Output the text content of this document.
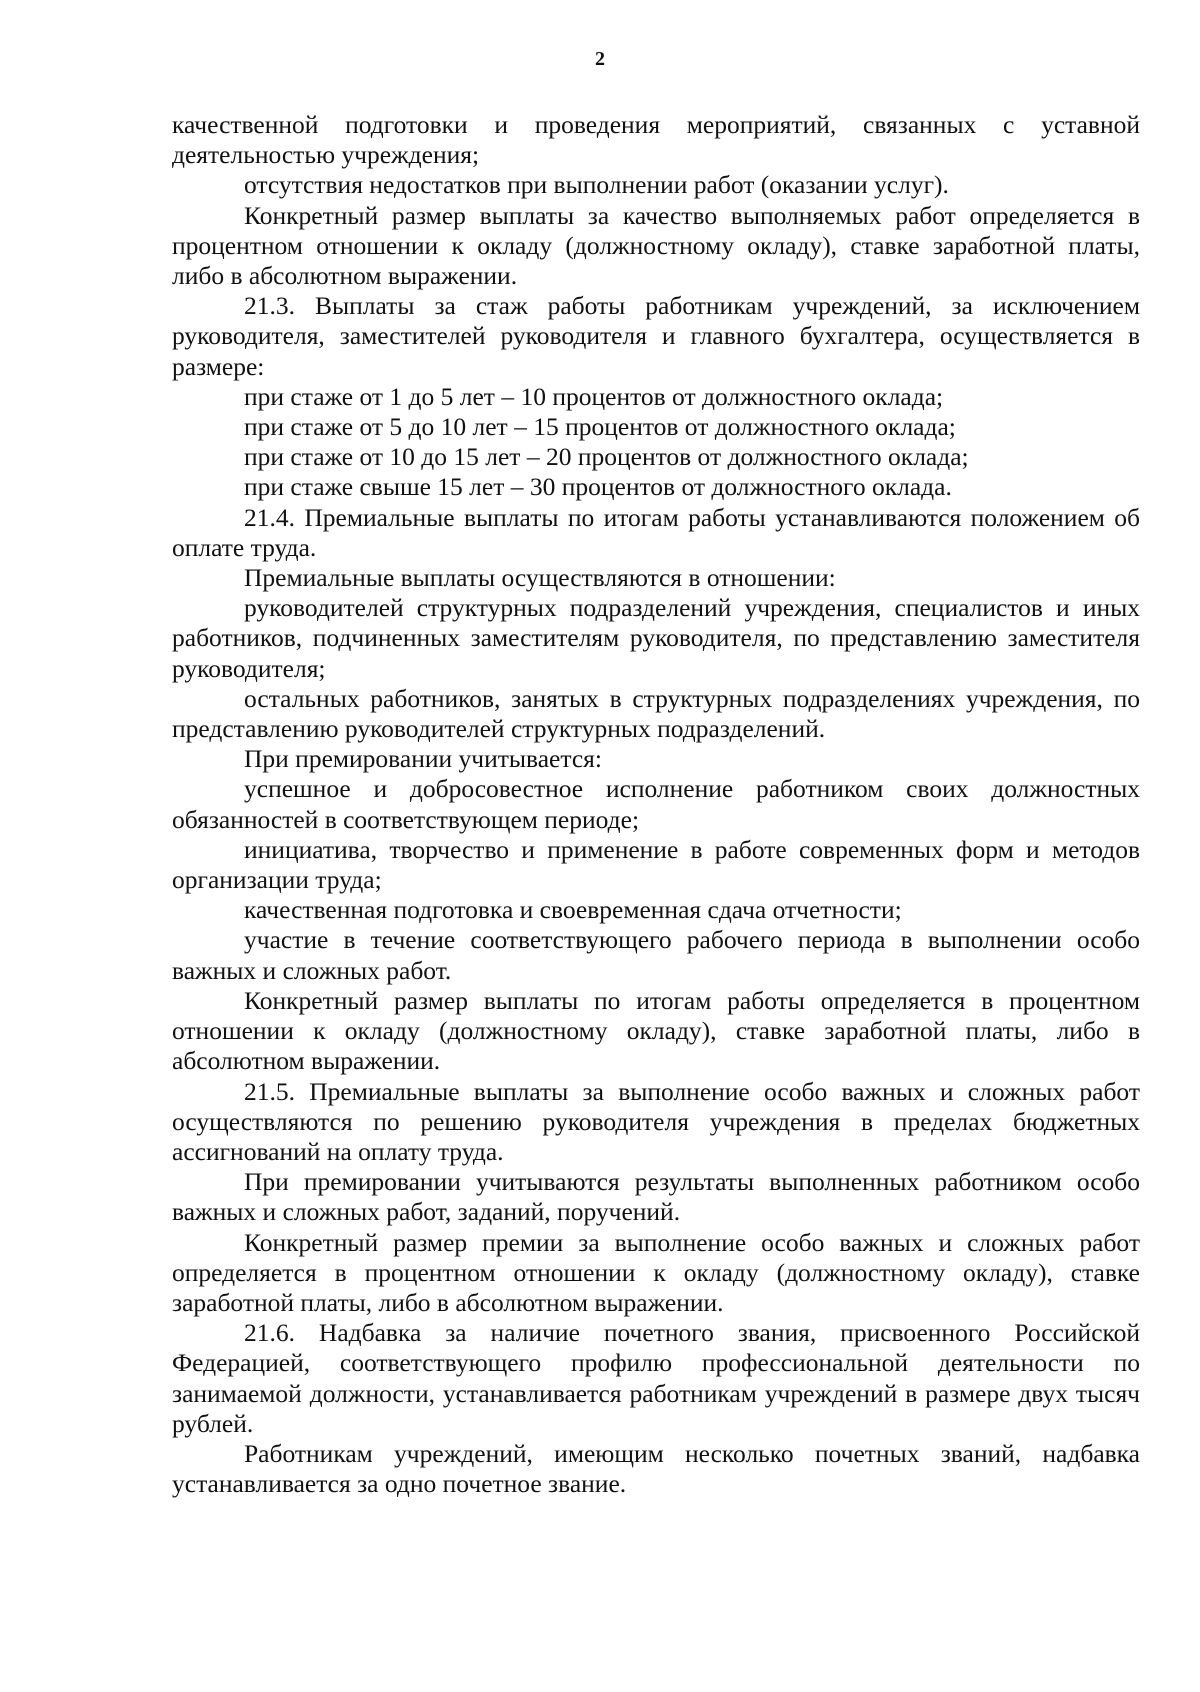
2

качественной подготовки и проведения мероприятий, связанных с уставной деятельностью учреждения;

отсутствия недостатков при выполнении работ (оказании услуг).

Конкретный размер выплаты за качество выполняемых работ определяется в процентном отношении к окладу (должностному окладу), ставке заработной платы, либо в абсолютном выражении.

21.3. Выплаты за стаж работы работникам учреждений, за исключением руководителя, заместителей руководителя и главного бухгалтера, осуществляется в размере:

при стаже от 1 до 5 лет – 10 процентов от должностного оклада;

при стаже от 5 до 10 лет – 15 процентов от должностного оклада;

при стаже от 10 до 15 лет – 20 процентов от должностного оклада;

при стаже свыше 15 лет – 30 процентов от должностного оклада.

21.4. Премиальные выплаты по итогам работы устанавливаются положением об оплате труда.

Премиальные выплаты осуществляются в отношении:

руководителей структурных подразделений учреждения, специалистов и иных работников, подчиненных заместителям руководителя, по представлению заместителя руководителя;

остальных работников, занятых в структурных подразделениях учреждения, по представлению руководителей структурных подразделений.

При премировании учитывается:

успешное и добросовестное исполнение работником своих должностных обязанностей в соответствующем периоде;

инициатива, творчество и применение в работе современных форм и методов организации труда;

качественная подготовка и своевременная сдача отчетности;

участие в течение соответствующего рабочего периода в выполнении особо важных и сложных работ.

Конкретный размер выплаты по итогам работы определяется в процентном отношении к окладу (должностному окладу), ставке заработной платы, либо в абсолютном выражении.

21.5. Премиальные выплаты за выполнение особо важных и сложных работ осуществляются по решению руководителя учреждения в пределах бюджетных ассигнований на оплату труда.

При премировании учитываются результаты выполненных работником особо важных и сложных работ, заданий, поручений.

Конкретный размер премии за выполнение особо важных и сложных работ определяется в процентном отношении к окладу (должностному окладу), ставке заработной платы, либо в абсолютном выражении.

21.6. Надбавка за наличие почетного звания, присвоенного Российской Федерацией, соответствующего профилю профессиональной деятельности по занимаемой должности, устанавливается работникам учреждений в размере двух тысяч рублей.

Работникам учреждений, имеющим несколько почетных званий, надбавка устанавливается за одно почетное звание.
